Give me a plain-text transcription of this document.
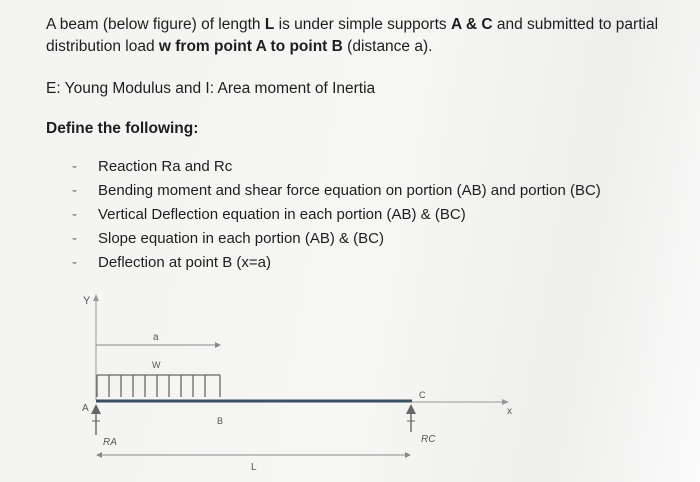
A beam (below figure) of length L is under simple supports A & C and submitted to partial distribution load w from point A to point B (distance a).

E: Young Modulus and I: Area moment of Inertia

Define the following:

-	Reaction Ra and Rc
-	Bending moment and shear force equation on portion (AB) and portion (BC)
-	Vertical Deflection equation in each portion (AB) & (BC)
-	Slope equation in each portion (AB) & (BC)
-	Deflection at point B (x=a)
Y
a
W
x
A
B
C
RA	RC
L
